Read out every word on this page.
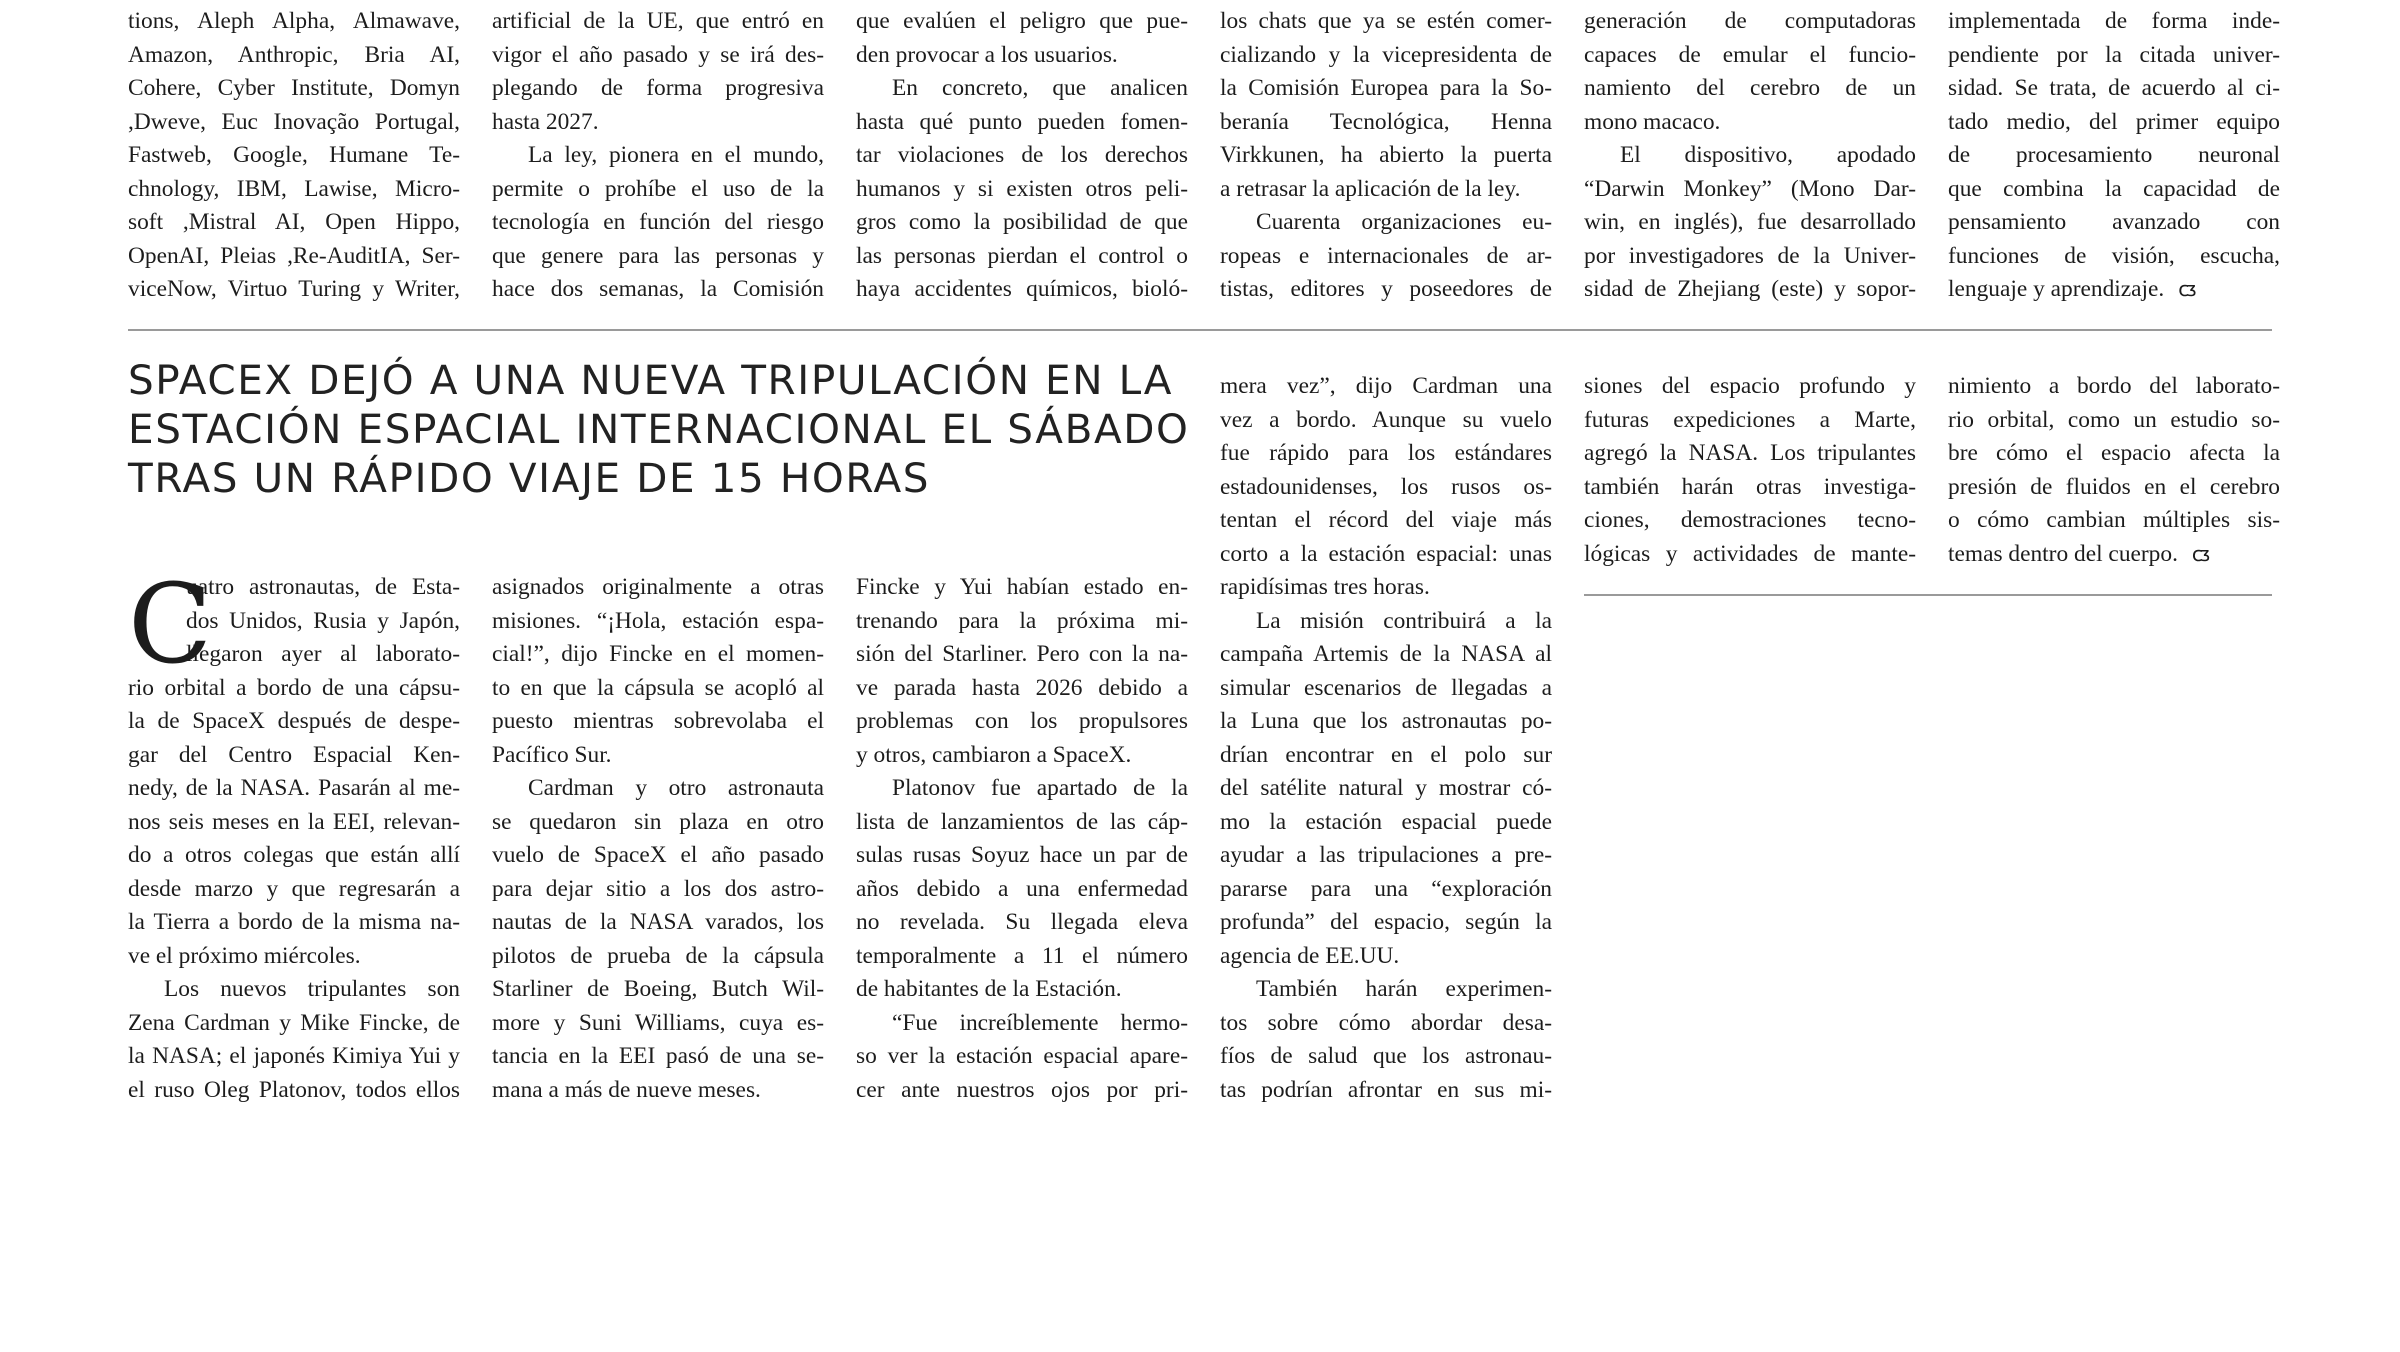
tions, Aleph Alpha, Almawave,

Amazon, Anthropic, Bria AI,

Cohere, Cyber Institute, Domyn

,Dweve, Euc Inovação Portugal,

Fastweb, Google, Humane Te-

chnology, IBM, Lawise, Micro-

soft ,Mistral AI, Open Hippo,

OpenAI, Pleias ,Re-AuditIA, Ser-

viceNow, Virtuo Turing y Writer,

artificial de la UE, que entró en

vigor el año pasado y se irá des-

plegando de forma progresiva

hasta 2027.

La ley, pionera en el mundo,

permite o prohíbe el uso de la

tecnología en función del riesgo

que genere para las personas y

hace dos semanas, la Comisión

que evalúen el peligro que pue-

den provocar a los usuarios.

En concreto, que analicen

hasta qué punto pueden fomen-

tar violaciones de los derechos

humanos y si existen otros peli-

gros como la posibilidad de que

las personas pierdan el control o

haya accidentes químicos, bioló-

los chats que ya se estén comer-

cializando y la vicepresidenta de

la Comisión Europea para la So-

beranía Tecnológica, Henna

Virkkunen, ha abierto la puerta

a retrasar la aplicación de la ley.

Cuarenta organizaciones eu-

ropeas e internacionales de ar-

tistas, editores y poseedores de

generación de computadoras

capaces de emular el funcio-

namiento del cerebro de un

mono macaco.

El dispositivo, apodado

“Darwin Monkey” (Mono Dar-

win, en inglés), fue desarrollado

por investigadores de la Univer-

sidad de Zhejiang (este) y sopor-

implementada de forma inde-

pendiente por la citada univer-

sidad. Se trata, de acuerdo al ci-

tado medio, del primer equipo

de procesamiento neuronal

que combina la capacidad de

pensamiento avanzado con

funciones de visión, escucha,

lenguaje y aprendizaje. ᴄᴣ

SPACEX DEJÓ A UNA NUEVA TRIPULACIÓN EN LA
ESTACIÓN ESPACIAL INTERNACIONAL EL SÁBADO
TRAS UN RÁPIDO VIAJE DE 15 HORAS
C

uatro astronautas, de Esta-

dos Unidos, Rusia y Japón,

llegaron ayer al laborato-

rio orbital a bordo de una cápsu-

la de SpaceX después de despe-

gar del Centro Espacial Ken-

nedy, de la NASA. Pasarán al me-

nos seis meses en la EEI, relevan-

do a otros colegas que están allí

desde marzo y que regresarán a

la Tierra a bordo de la misma na-

ve el próximo miércoles.

Los nuevos tripulantes son

Zena Cardman y Mike Fincke, de

la NASA; el japonés Kimiya Yui y

el ruso Oleg Platonov, todos ellos

asignados originalmente a otras

misiones. “¡Hola, estación espa-

cial!”, dijo Fincke en el momen-

to en que la cápsula se acopló al

puesto mientras sobrevolaba el

Pacífico Sur.

Cardman y otro astronauta

se quedaron sin plaza en otro

vuelo de SpaceX el año pasado

para dejar sitio a los dos astro-

nautas de la NASA varados, los

pilotos de prueba de la cápsula

Starliner de Boeing, Butch Wil-

more y Suni Williams, cuya es-

tancia en la EEI pasó de una se-

mana a más de nueve meses.

Fincke y Yui habían estado en-

trenando para la próxima mi-

sión del Starliner. Pero con la na-

ve parada hasta 2026 debido a

problemas con los propulsores

y otros, cambiaron a SpaceX.

Platonov fue apartado de la

lista de lanzamientos de las cáp-

sulas rusas Soyuz hace un par de

años debido a una enfermedad

no revelada. Su llegada eleva

temporalmente a 11 el número

de habitantes de la Estación.

“Fue increíblemente hermo-

so ver la estación espacial apare-

cer ante nuestros ojos por pri-

mera vez”, dijo Cardman una

vez a bordo. Aunque su vuelo

fue rápido para los estándares

estadounidenses, los rusos os-

tentan el récord del viaje más

corto a la estación espacial: unas

rapidísimas tres horas.

La misión contribuirá a la

campaña Artemis de la NASA al

simular escenarios de llegadas a

la Luna que los astronautas po-

drían encontrar en el polo sur

del satélite natural y mostrar có-

mo la estación espacial puede

ayudar a las tripulaciones a pre-

pararse para una “exploración

profunda” del espacio, según la

agencia de EE.UU.

También harán experimen-

tos sobre cómo abordar desa-

fíos de salud que los astronau-

tas podrían afrontar en sus mi-

siones del espacio profundo y

futuras expediciones a Marte,

agregó la NASA. Los tripulantes

también harán otras investiga-

ciones, demostraciones tecno-

lógicas y actividades de mante-

nimiento a bordo del laborato-

rio orbital, como un estudio so-

bre cómo el espacio afecta la

presión de fluidos en el cerebro

o cómo cambian múltiples sis-

temas dentro del cuerpo. ᴄᴣ
